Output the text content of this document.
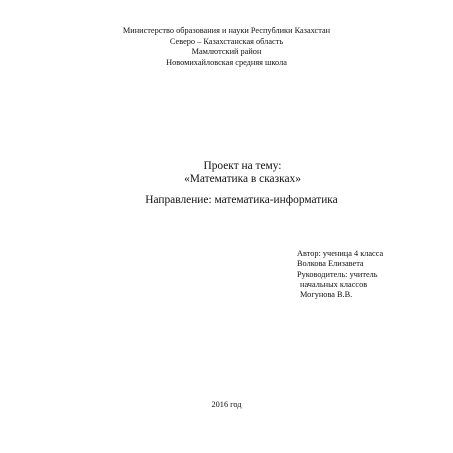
Министерство образования и науки Республики Казахстан
Северо – Казахстанская область
Мамлютский район
Новомихайловская средняя школа
Проект на тему:
«Математика в сказках»
Направление: математика-информатика
Автор: ученица 4 класса
Волкова Елизавета
Руководитель: учитель
начальных классов
Могунова В.В.
2016 год
